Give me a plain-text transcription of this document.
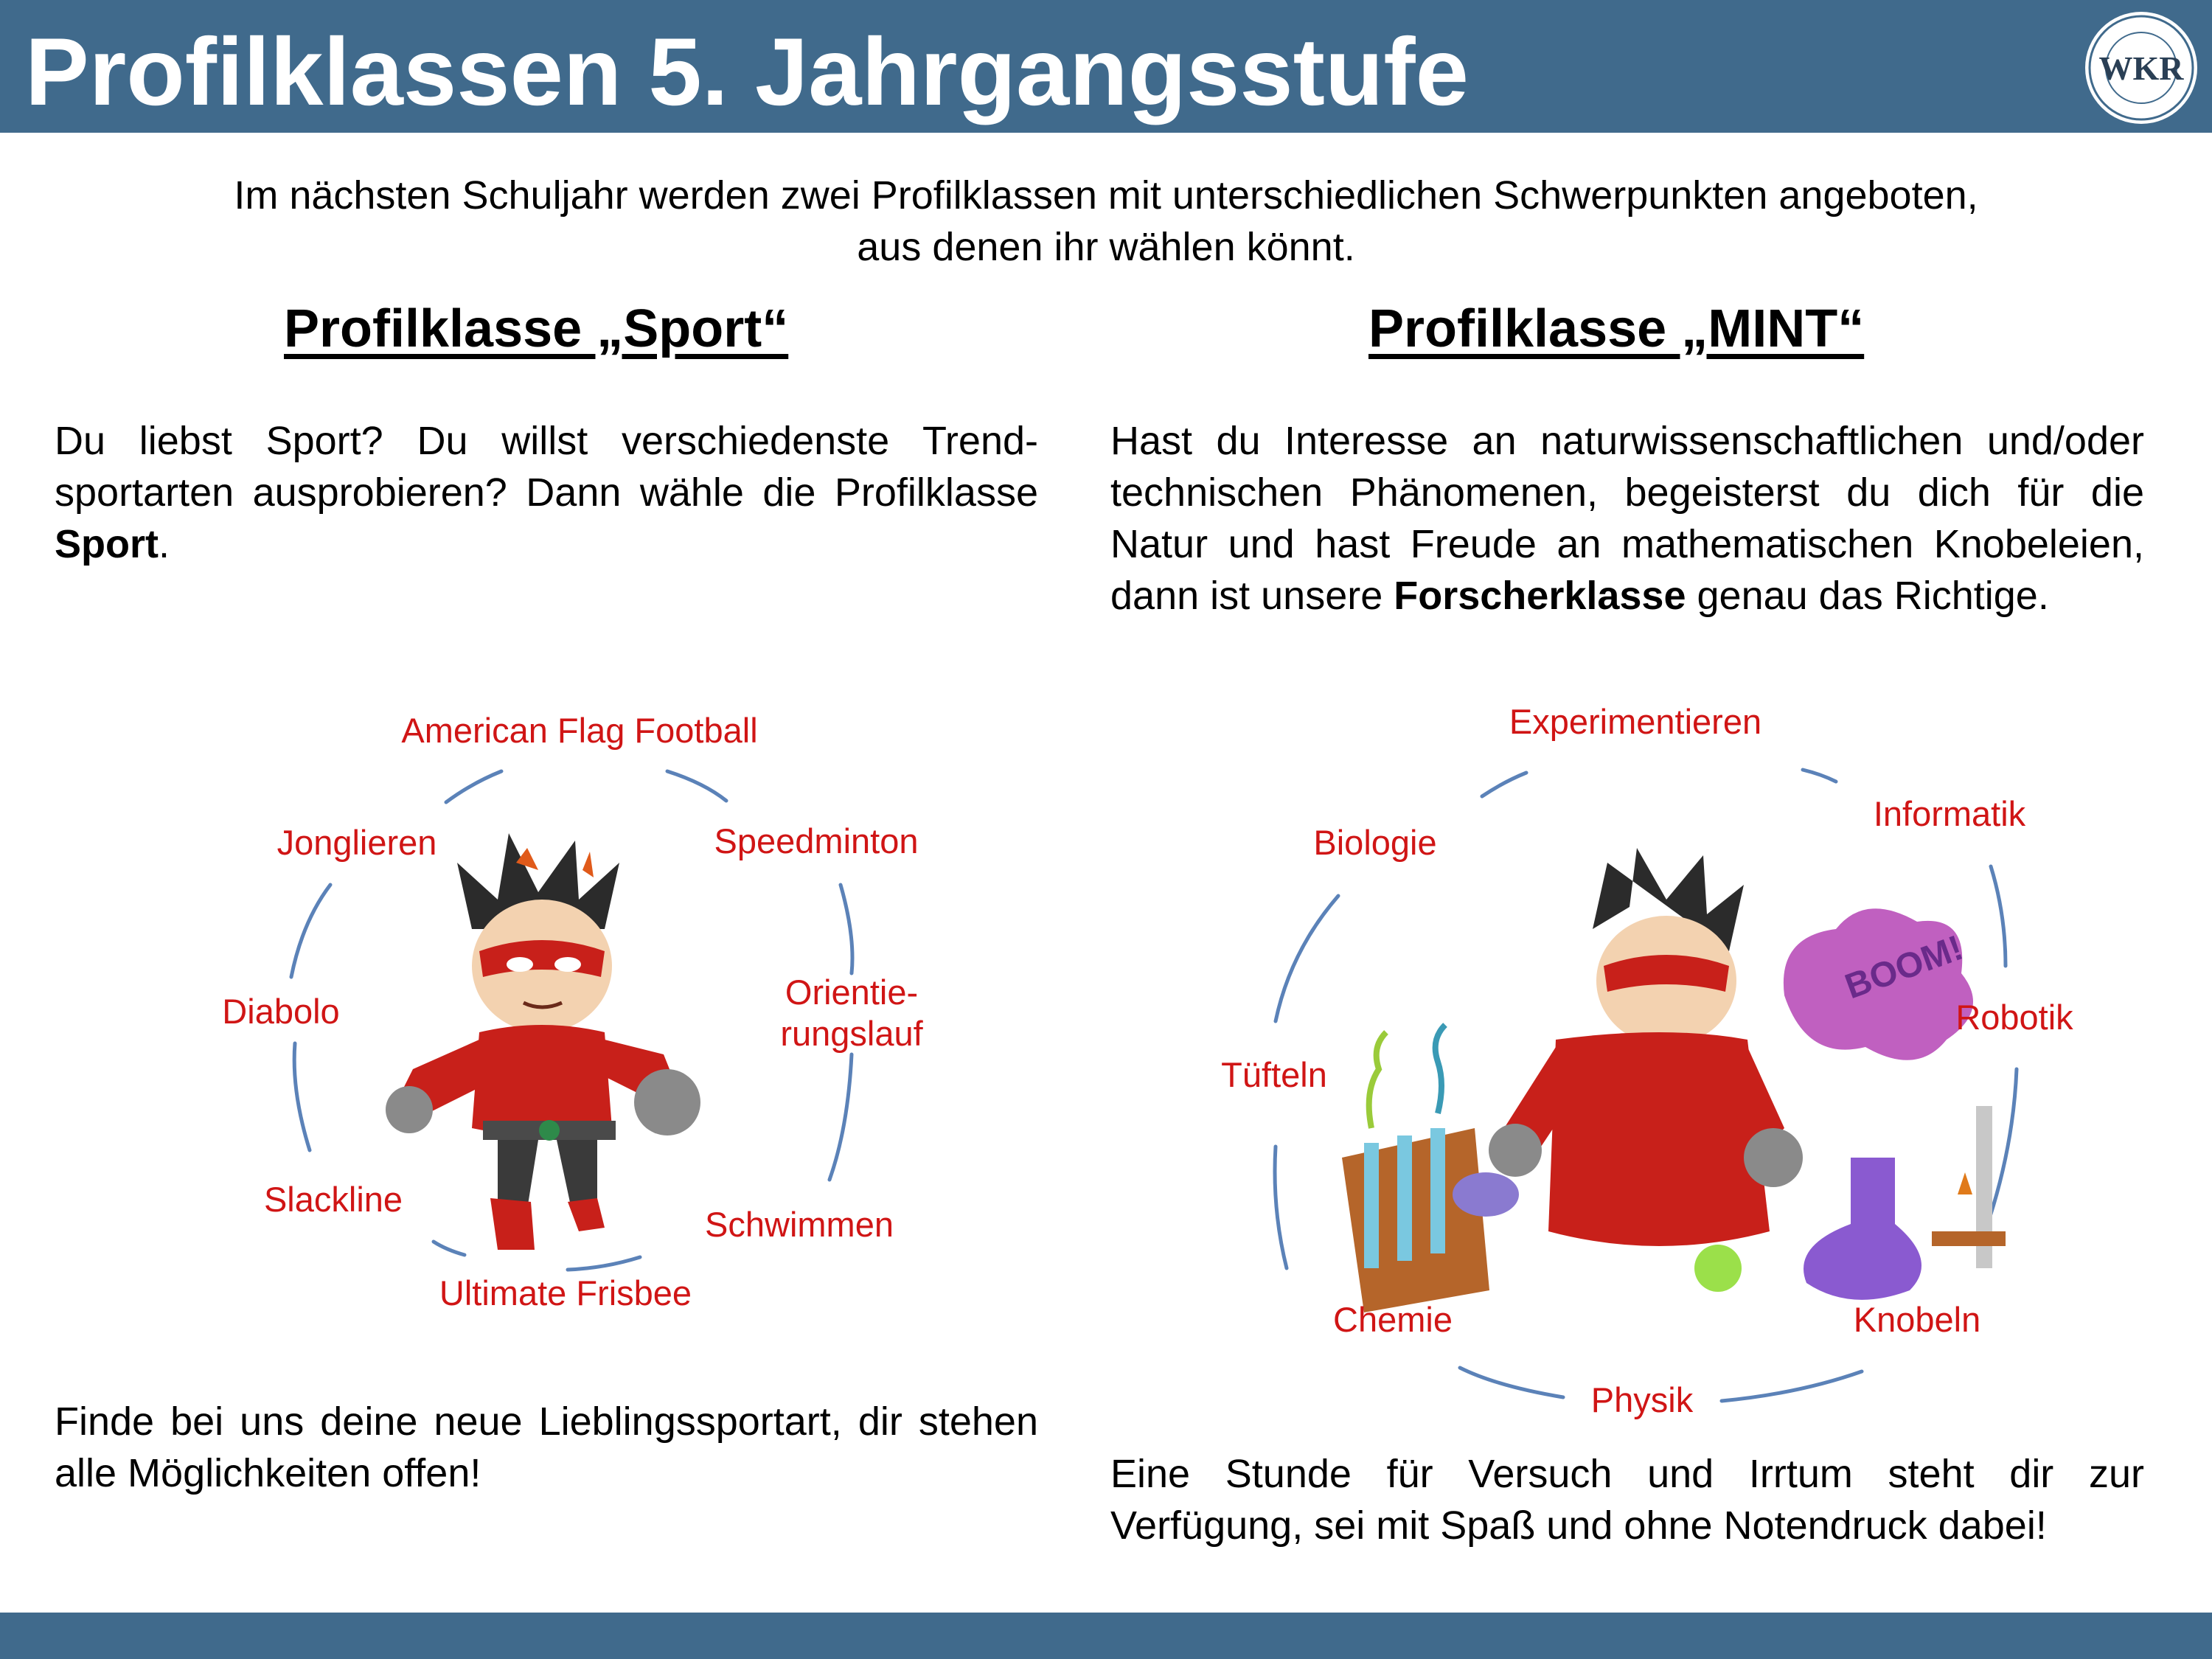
Profilklassen 5. Jahrgangsstufe	WKR
Im nächsten Schuljahr werden zwei Profilklassen mit unterschiedlichen Schwerpunkten angeboten,
aus denen ihr wählen könnt.
Profilklasse „Sport“
Du liebst Sport? Du willst verschiedenste Trend-sportarten ausprobieren? Dann wähle die Profilklasse Sport.
Profilklasse „MINT“
Hast du Interesse an naturwissenschaftlichen und/oder technischen Phänomenen, begeisterst du dich für die Natur und hast Freude an mathematischen Knobeleien, dann ist unsere Forscherklasse genau das Richtige.
BOOM!
American Flag Football
Speedminton
Orientie-
rungslauf
Schwimmen
Ultimate Frisbee
Slackline
Diabolo
Jonglieren
Experimentieren
Informatik
Robotik
Knobeln
Physik
Chemie
Tüfteln
Biologie
Finde bei uns deine neue Lieblingssportart, dir stehen alle Möglichkeiten offen!	Eine Stunde für Versuch und Irrtum steht dir zur Verfügung, sei mit Spaß und ohne Notendruck dabei!
